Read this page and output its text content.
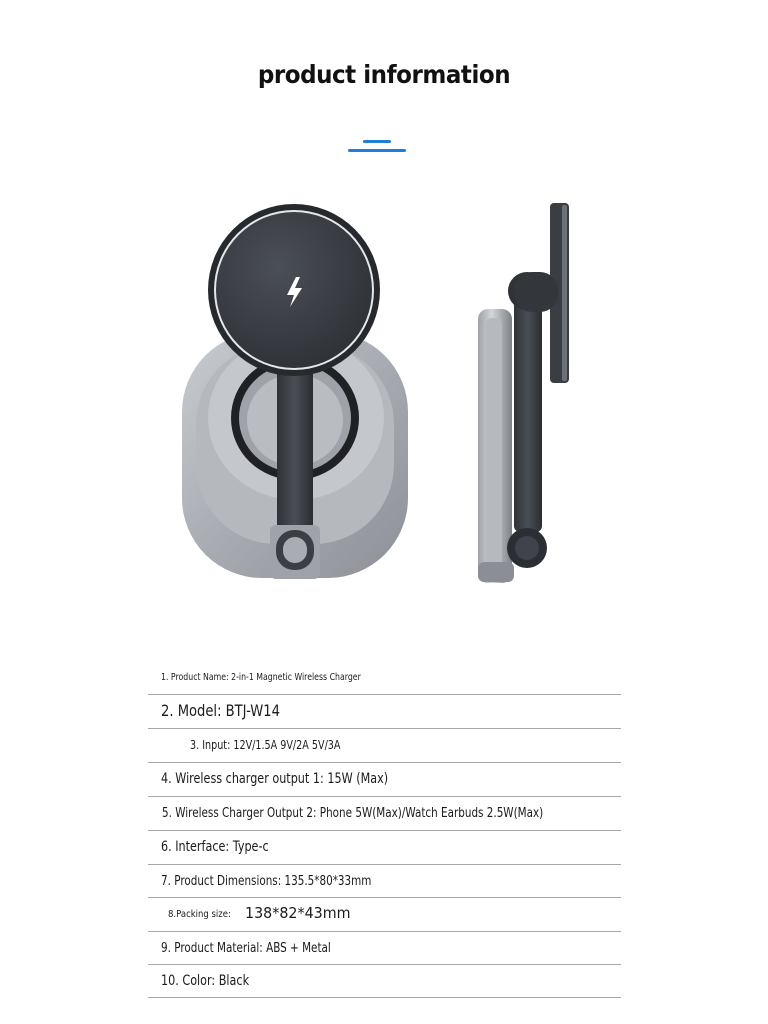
product information
1. Product Name: 2-in-1 Magnetic Wireless Charger
2. Model: BTJ-W14
3. Input: 12V/1.5A 9V/2A 5V/3A
4. Wireless charger output 1: 15W (Max)
5. Wireless Charger Output 2: Phone 5W(Max)/Watch Earbuds 2.5W(Max)
6. Interface: Type-c
7. Product Dimensions: 135.5*80*33mm
8.Packing size: 138*82*43mm
9. Product Material: ABS + Metal
10. Color: Black
